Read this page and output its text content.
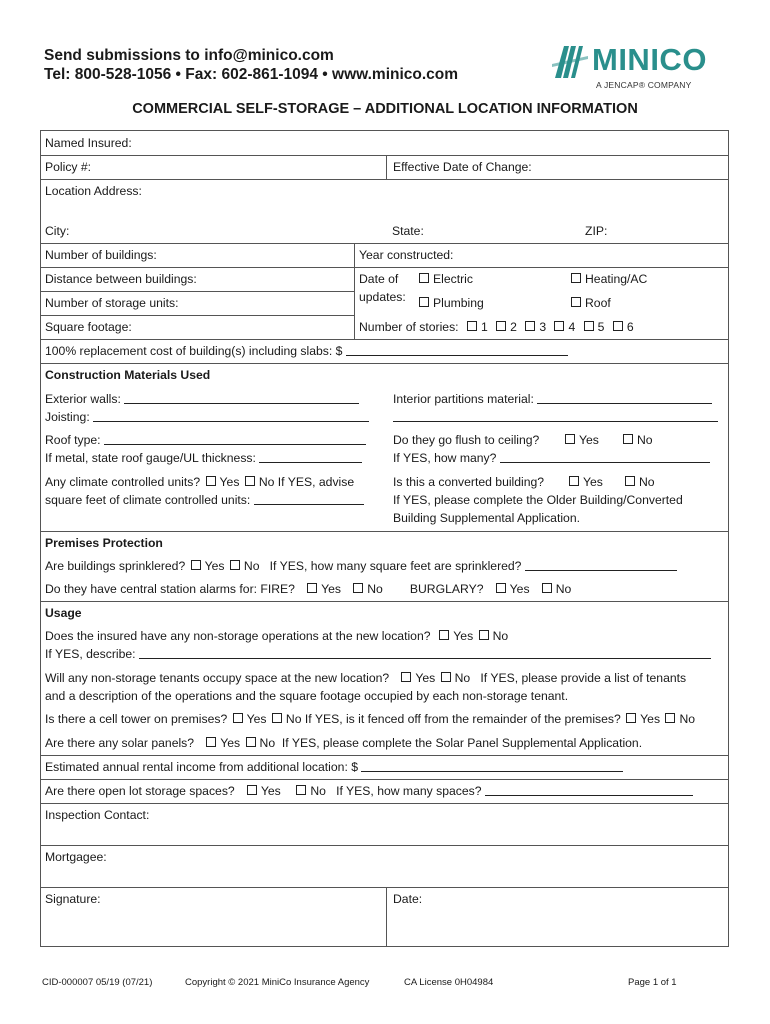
Send submissions to info@minico.com
Tel: 800-528-1056 • Fax: 602-861-1094 • www.minico.com	MINICO
A JENCAP® COMPANY
COMMERCIAL SELF-STORAGE – ADDITIONAL LOCATION INFORMATION
Named Insured:
Policy #:	Effective Date of Change:
Location Address:
City:	State:	ZIP:
Number of buildings:	Year constructed:
Distance between buildings:	Date of
updates:
Electric	Heating/AC
Plumbing	Roof
Number of storage units:
Square footage:	Number of stories: 1 2 3 4 5 6
100% replacement cost of building(s) including slabs: $
Construction Materials Used
Exterior walls:
Joisting:
Interior partitions material:
Roof type:
If metal, state roof gauge/UL thickness:
Do they go flush to ceiling?	Yes	No
If YES, how many?
Any climate controlled units? Yes No If YES, advise
square feet of climate controlled units:
Is this a converted building?	Yes	No
If YES, please complete the Older Building/Converted
Building Supplemental Application.
Premises Protection
Are buildings sprinklered? Yes No If YES, how many square feet are sprinklered?
Do they have central station alarms for: FIRE? Yes No BURGLARY? Yes No
Usage
Does the insured have any non-storage operations at the new location? Yes No
If YES, describe:
Will any non-storage tenants occupy space at the new location? Yes No If YES, please provide a list of tenants
and a description of the operations and the square footage occupied by each non-storage tenant.
Is there a cell tower on premises? Yes No If YES, is it fenced off from the remainder of the premises? Yes No
Are there any solar panels? Yes No If YES, please complete the Solar Panel Supplemental Application.
Estimated annual rental income from additional location: $
Are there open lot storage spaces? Yes No If YES, how many spaces?
Inspection Contact:
Mortgagee:
Signature:	Date:
CID-000007 05/19 (07/21)	Copyright © 2021 MiniCo Insurance Agency	CA License 0H04984	Page 1 of 1
